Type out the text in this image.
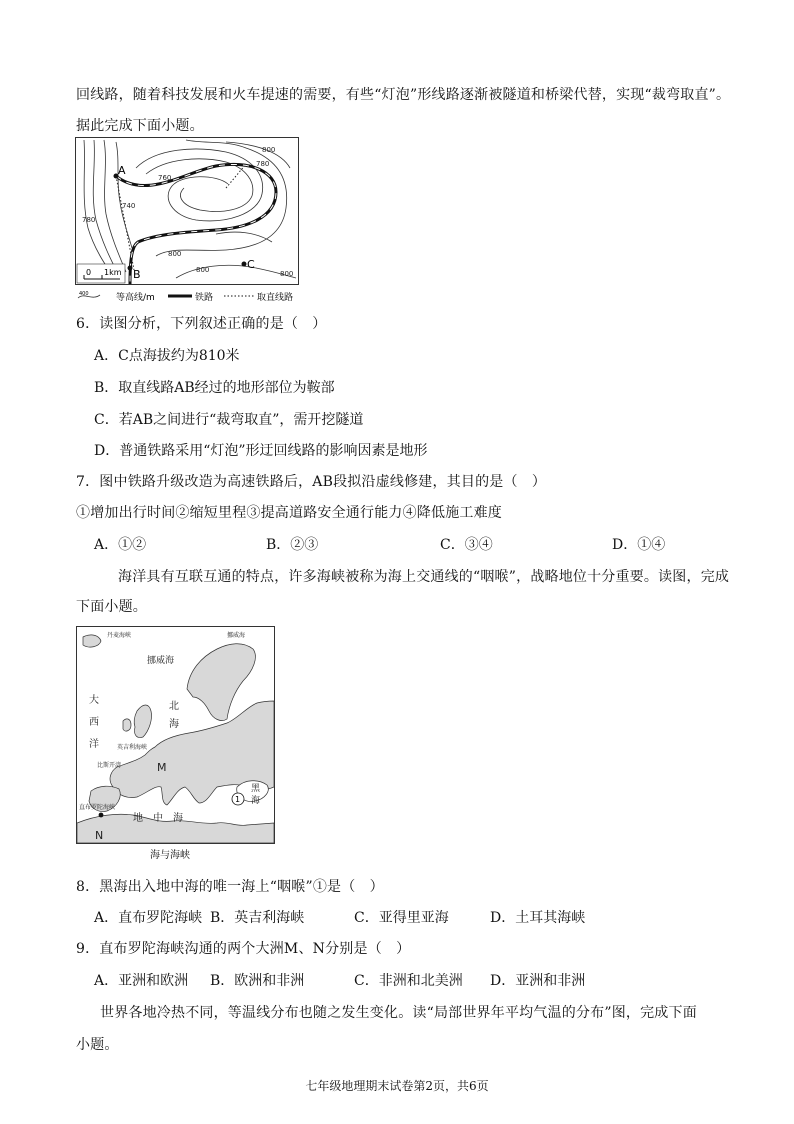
回线路，随着科技发展和火车提速的需要，有些“灯泡”形线路逐渐被隧道和桥梁代替，实现“裁弯取直”。
据此完成下面小题。
A
B
C
800
780
760
740
780
800
800
800
0 1km
400	等高线/m	铁路	取直线路
6．读图分析，下列叙述正确的是（　）
A．C点海拔约为810米
B．取直线路AB经过的地形部位为鞍部
C．若AB之间进行“裁弯取直”，需开挖隧道
D．普通铁路采用“灯泡”形迂回线路的影响因素是地形
7．图中铁路升级改造为高速铁路后，AB段拟沿虚线修建，其目的是（　）
①增加出行时间②缩短里程③提高道路安全通行能力④降低施工难度
A．①②	B．②③	C．③④	D．①④
海洋具有互联互通的特点，许多海峡被称为海上交通线的“咽喉”，战略地位十分重要。读图，完成
下面小题。
1
丹麦海峡	挪威海
挪威海
大
西
洋
北
海
英吉利海峡
比斯开湾	M
直布罗陀海峡
N
地 中 海
黑
海
海与海峡
8．黑海出入地中海的唯一海上“咽喉”①是（　）
A．直布罗陀海峡 B．英吉利海峡	C．亚得里亚海	D．土耳其海峡
9．直布罗陀海峡沟通的两个大洲M、N分别是（　）
A．亚洲和欧洲 B．欧洲和非洲	C．非洲和北美洲 D．亚洲和非洲
世界各地冷热不同，等温线分布也随之发生变化。读“局部世界年平均气温的分布”图，完成下面
小题。
七年级地理期末试卷第2页，共6页
